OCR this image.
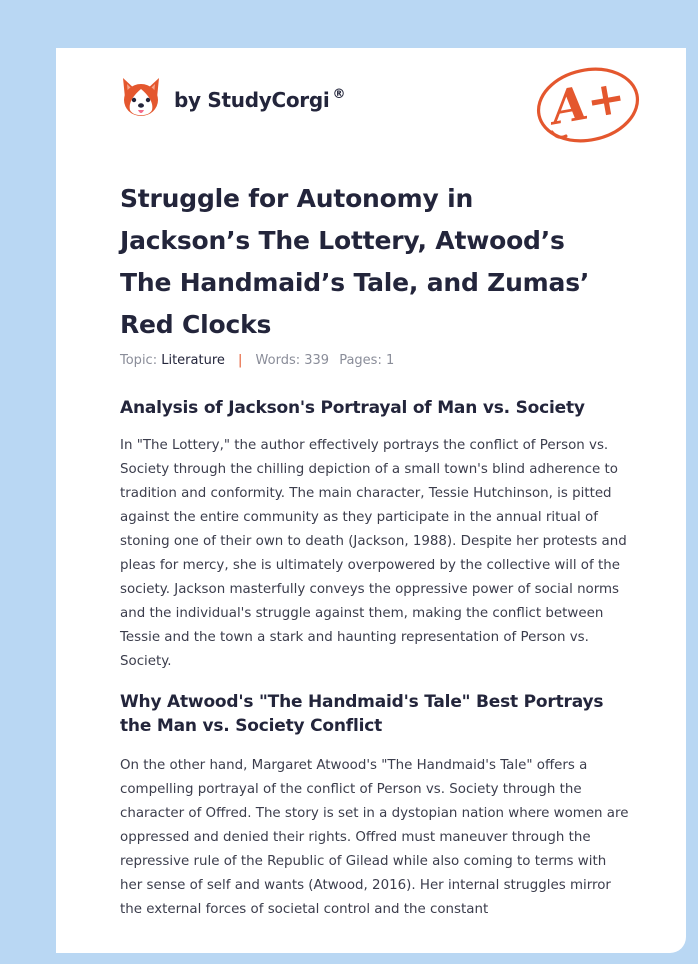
by StudyCorgi ®	A+
Struggle for Autonomy in Jackson’s The Lottery, Atwood’s The Handmaid’s Tale, and Zumas’ Red Clocks
Topic: Literature | Words: 339 Pages: 1
Analysis of Jackson's Portrayal of Man vs. Society

In "The Lottery," the author effectively portrays the conflict of Person vs. Society through the chilling depiction of a small town's blind adherence to tradition and conformity. The main character, Tessie Hutchinson, is pitted against the entire community as they participate in the annual ritual of stoning one of their own to death (Jackson, 1988). Despite her protests and pleas for mercy, she is ultimately overpowered by the collective will of the society. Jackson masterfully conveys the oppressive power of social norms and the individual's struggle against them, making the conflict between Tessie and the town a stark and haunting representation of Person vs. Society.

Why Atwood's "The Handmaid's Tale" Best Portrays the Man vs. Society Conflict

On the other hand, Margaret Atwood's "The Handmaid's Tale" offers a compelling portrayal of the conflict of Person vs. Society through the character of Offred. The story is set in a dystopian nation where women are oppressed and denied their rights. Offred must maneuver through the repressive rule of the Republic of Gilead while also coming to terms with her sense of self and wants (Atwood, 2016). Her internal struggles mirror the external forces of societal control and the constant
